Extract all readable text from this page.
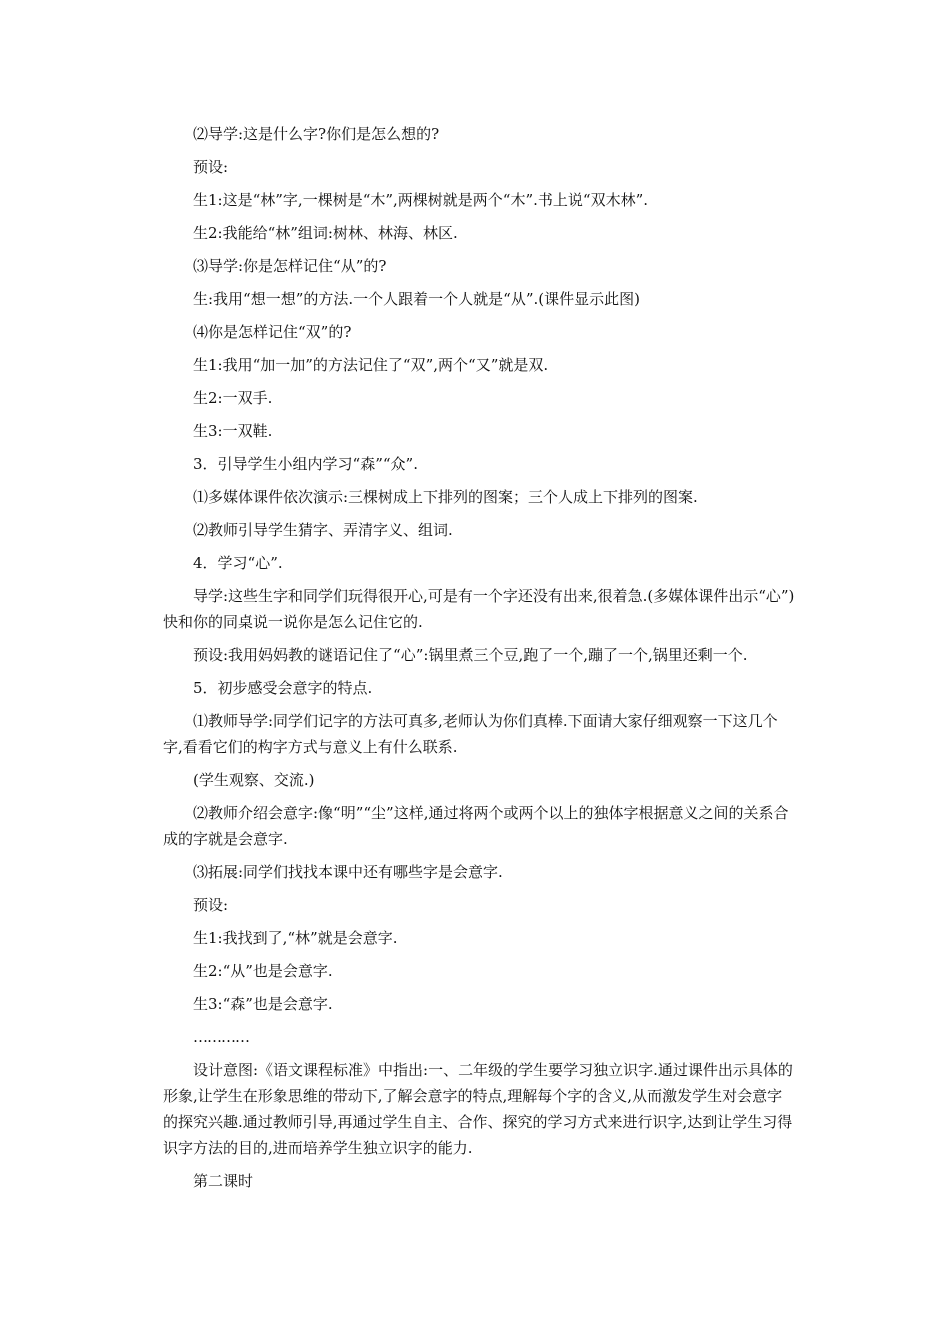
⑵导学:这是什么字?你们是怎么想的?

预设:

生1:这是“林”字,一棵树是“木”,两棵树就是两个“木”.书上说“双木林”.

生2:我能给“林”组词:树林、林海、林区.

⑶导学:你是怎样记住“从”的?

生:我用“想一想”的方法.一个人跟着一个人就是“从”.(课件显示此图)

⑷你是怎样记住“双”的?

生1:我用“加一加”的方法记住了“双”,两个“又”就是双.

生2:一双手.

生3:一双鞋.

3．引导学生小组内学习“森”“众”.

⑴多媒体课件依次演示:三棵树成上下排列的图案；三个人成上下排列的图案.

⑵教师引导学生猜字、弄清字义、组词.

4．学习“心”.

导学:这些生字和同学们玩得很开心,可是有一个字还没有出来,很着急.(多媒体课件出示“心”)快和你的同桌说一说你是怎么记住它的.

预设:我用妈妈教的谜语记住了“心”:锅里煮三个豆,跑了一个,蹦了一个,锅里还剩一个.

5．初步感受会意字的特点.

⑴教师导学:同学们记字的方法可真多,老师认为你们真棒.下面请大家仔细观察一下这几个字,看看它们的构字方式与意义上有什么联系.

(学生观察、交流.)

⑵教师介绍会意字:像“明”“尘”这样,通过将两个或两个以上的独体字根据意义之间的关系合成的字就是会意字.

⑶拓展:同学们找找本课中还有哪些字是会意字.

预设:

生1:我找到了,“林”就是会意字.

生2:“从”也是会意字.

生3:“森”也是会意字.

…………

设计意图:《语文课程标准》中指出:一、二年级的学生要学习独立识字.通过课件出示具体的形象,让学生在形象思维的带动下,了解会意字的特点,理解每个字的含义,从而激发学生对会意字的探究兴趣.通过教师引导,再通过学生自主、合作、探究的学习方式来进行识字,达到让学生习得识字方法的目的,进而培养学生独立识字的能力.

第二课时
